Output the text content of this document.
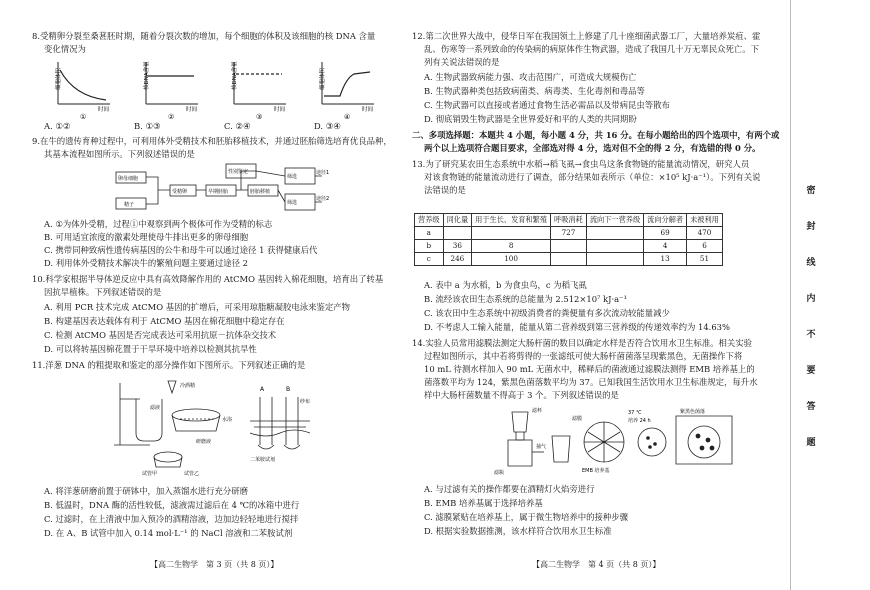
8.受精卵分裂至桑葚胚时期，随着分裂次数的增加，每个细胞的体积及该细胞的核 DNA 含量
变化情况为
细胞体积
时间
①
核DNA含量
时间
②
核DNA含量
时间
③
细胞体积
时间
④
A. ①②	B. ①③	C. ②④	D. ③④
9.在牛的遗传育种过程中，可利用体外受精技术和胚胎移植技术，并通过胚胎筛选培育优良品种，
其基本流程如图所示。下列叙述错误的是
卵母细胞
精子
受精卵	早期胚胎	胚胎移植
性别鉴定
筛选
筛选
途径1
途径2
A. ①为体外受精，过程①中观察到两个极体可作为受精的标志
B. 可用适宜浓度的激素处理使母牛排出更多的卵母细胞
C. 携带同种致病性遗传病基因的公牛和母牛可以通过途径 1 获得健康后代
D. 利用体外受精技术解决牛的繁殖问题主要通过途径 2
10.科学家根据半导体逆反应中具有高效降解作用的 AtCMO 基因转入棉花细胞，培育出了转基
因抗旱植株。下列叙述错误的是
A. 利用 PCR 技术完成 AtCMO 基因的扩增后，可采用琼脂糖凝胶电泳来鉴定产物
B. 构建基因表达载体有利于 AtCMO 基因在棉花细胞中稳定存在
C. 检测 AtCMO 基因是否完成表达可采用抗原－抗体杂交技术
D. 可以将转基因棉花置于干旱环境中培养以检测其抗旱性
11.洋葱 DNA 的粗提取和鉴定的部分操作如下图所示。下列叙述正确的是
冷酒精
滤液
水浴
研磨液
试管甲	试管乙
A	B
纱布
二苯胺试剂
A. 将洋葱研磨前置于研钵中，加入蒸馏水进行充分研磨
B. 低温时，DNA 酶的活性较低，滤液需过滤后在 4 ℃的冰箱中进行
C. 过滤时，在上清液中加入预冷的酒精溶液，边加边轻轻地进行搅拌
D. 在 A、B 试管中加入 0.14 mol·L⁻¹ 的 NaCl 溶液和二苯胺试剂
【高二生物学　第 3 页（共 8 页）】
12.第二次世界大战中，侵华日军在我国领土上修建了几十座细菌武器工厂，大量培养炭疽、霍
乱、伤寒等一系列致命的传染病的病原体作生物武器，造成了我国几十万无辜民众死亡。下
列有关说法错误的是
A. 生物武器致病能力强、攻击范围广，可造成大规模伤亡
B. 生物武器种类包括致病菌类、病毒类、生化毒剂和毒品等
C. 生物武器可以直接或者通过食物生活必需品以及带病昆虫等散布
D. 彻底销毁生物武器是全世界爱好和平的人类的共同期盼
二、多项选择题：本题共 4 小题，每小题 4 分，共 16 分。在每小题给出的四个选项中，有两个或
两个以上选项符合题目要求，全部选对得 4 分，选对但不全的得 2 分，有选错的得 0 分。
13.为了研究某农田生态系统中水稻→稻飞虱→食虫鸟这条食物链的能量流动情况，研究人员
对该食物链的能量流动进行了调查，部分结果如表所示（单位：×10⁵ kJ·a⁻¹）。下列有关说
法错误的是
营养级	同化量	用于生长、发育和繁殖	呼吸消耗	流向下一营养级	流向分解者	未被利用
a			727		69	470
b	36	8			4	6
c	246	100			13	51
A. 表中 a 为水稻，b 为食虫鸟，c 为稻飞虱
B. 流经该农田生态系统的总能量为 2.512×10⁷ kJ·a⁻¹
C. 该农田中生态系统中初级消费者的粪便量有多次流动较能量减少
D. 不考虑人工输入能量，能量从第二营养级到第三营养级的传递效率约为 14.63%
14.实验人员常用滤膜法测定大肠杆菌的数目以确定水样是否符合饮用水卫生标准。相关实验
过程如图所示，其中若将剪得的一张滤纸可使大肠杆菌菌落呈现紫黑色，无菌操作下将
10 mL 待测水样加入 90 mL 无菌水中，稀释后的菌液通过滤膜法测得 EMB 培养基上的
菌落数平均为 124，紫黑色菌落数平均为 37。已知我国生活饮用水卫生标准规定，每升水
样中大肠杆菌数量不得高于 3 个。下列叙述错误的是
滤杯
滤膜
滤瓶
抽气
EMB 培养基
37 ℃
培养 24 h
紫黑色菌落
A. 与过滤有关的操作都要在酒精灯火焰旁进行
B. EMB 培养基属于选择培养基
C. 滤膜紧贴在培养基上，属于微生物培养中的接种步骤
D. 根据实验数据推测，该水样符合饮用水卫生标准
【高二生物学　第 4 页（共 8 页）】
密
封
线
内
不
要
答
题
